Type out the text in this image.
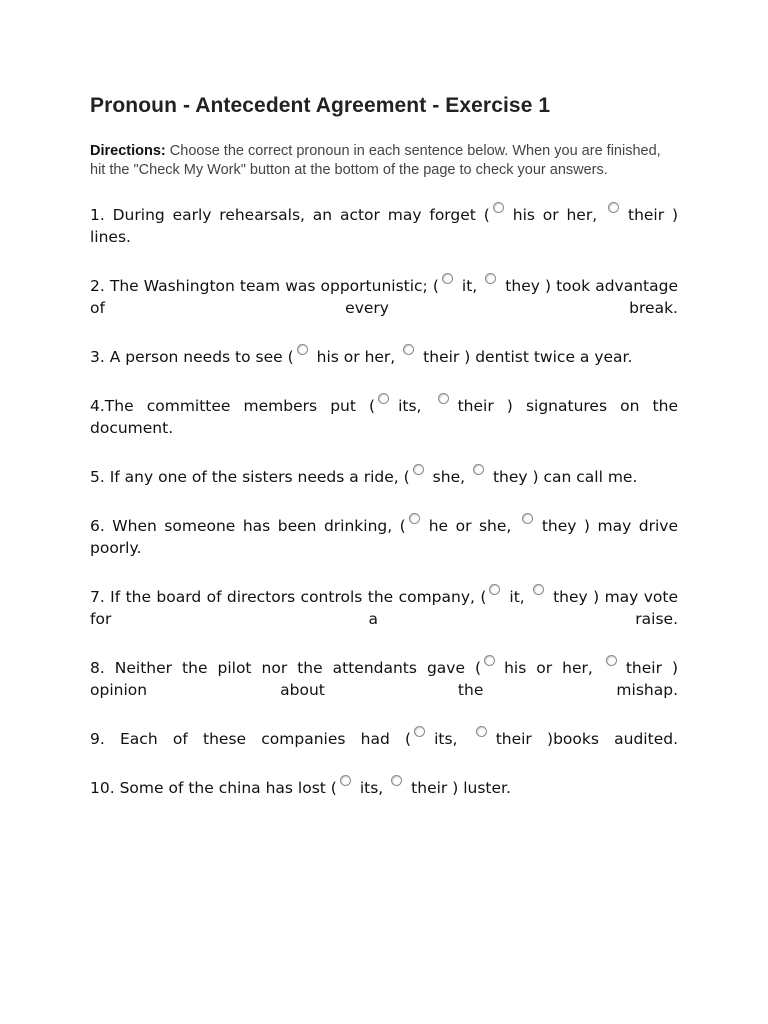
Pronoun - Antecedent Agreement - Exercise 1
Directions: Choose the correct pronoun in each sentence below. When you are finished, hit the "Check My Work" button at the bottom of the page to check your answers.

1. During early rehearsals, an actor may forget ( his or her, their ) lines.

2. The Washington team was opportunistic; ( it, they ) took advantage of every break.

3. A person needs to see ( his or her, their ) dentist twice a year.

4.The committee members put ( its, their ) signatures on the document.

5. If any one of the sisters needs a ride, ( she, they ) can call me.

6. When someone has been drinking, ( he or she, they ) may drive poorly.

7. If the board of directors controls the company, ( it, they ) may vote for a raise.

8. Neither the pilot nor the attendants gave ( his or her, their ) opinion about the mishap.

9. Each of these companies had ( its, their )books audited.

10. Some of the china has lost ( its, their ) luster.
